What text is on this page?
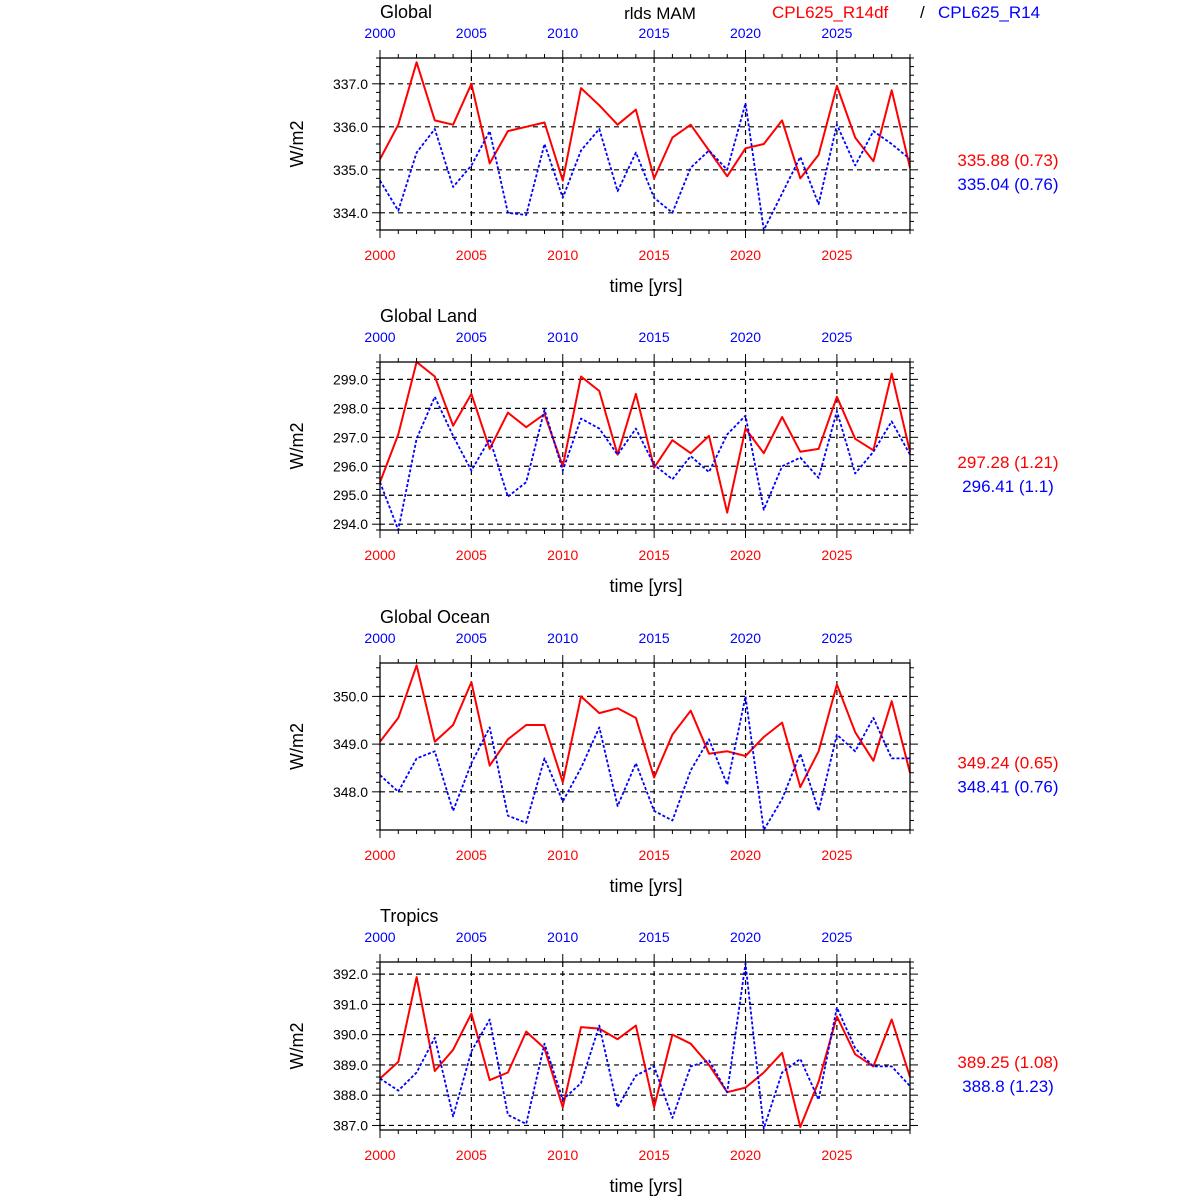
rlds MAM	CPL625_R14df / CPL625_R14
Global
2000
2000
2005
2005
2010
2010
2015
2015
2020
2020
2025
2025
334.0
335.0
336.0
337.0
time [yrs]
W/m2	335.88 (0.73)
335.04 (0.76)
Global Land
2000
2000
2005
2005
2010
2010
2015
2015
2020
2020
2025
2025
294.0
295.0
296.0
297.0
298.0
299.0
time [yrs]
W/m2	297.28 (1.21)
296.41 (1.1)
Global Ocean
2000
2000
2005
2005
2010
2010
2015
2015
2020
2020
2025
2025
348.0
349.0
350.0
time [yrs]
W/m2	349.24 (0.65)
348.41 (0.76)
Tropics
2000
2000
2005
2005
2010
2010
2015
2015
2020
2020
2025
2025
387.0
388.0
389.0
390.0
391.0
392.0
time [yrs]
W/m2	389.25 (1.08)
388.8 (1.23)
